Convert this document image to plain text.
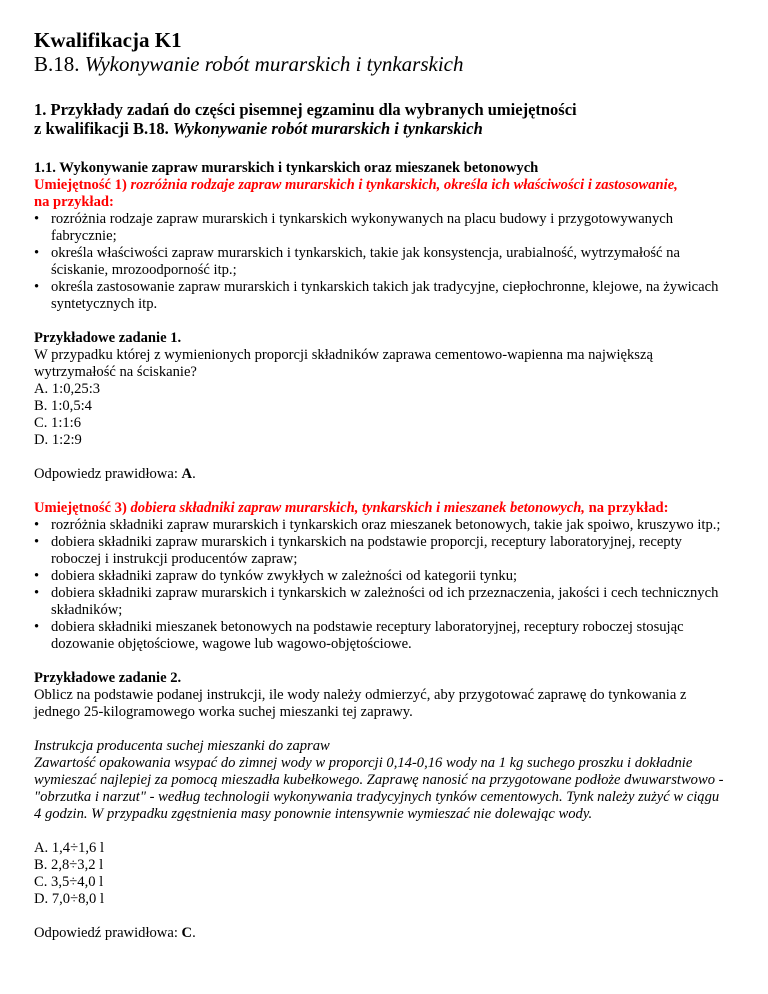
Kwalifikacja K1

B.18. Wykonywanie robót murarskich i tynkarskich

1. Przykłady zadań do części pisemnej egzaminu dla wybranych umiejętności
z kwalifikacji B.18. Wykonywanie robót murarskich i tynkarskich

1.1. Wykonywanie zapraw murarskich i tynkarskich oraz mieszanek betonowych

Umiejętność 1) rozróżnia rodzaje zapraw murarskich i tynkarskich, określa ich właściwości i zastosowanie,
na przykład:

• rozróżnia rodzaje zapraw murarskich i tynkarskich wykonywanych na placu budowy i przygotowywanych fabrycznie;
• określa właściwości zapraw murarskich i tynkarskich, takie jak konsystencja, urabialność, wytrzymałość na ściskanie, mrozoodporność itp.;
• określa zastosowanie zapraw murarskich i tynkarskich takich jak tradycyjne, ciepłochronne, klejowe, na żywicach syntetycznych itp.

Przykładowe zadanie 1.

W przypadku której z wymienionych proporcji składników zaprawa cementowo-wapienna ma największą wytrzymałość na ściskanie?

A. 1:0,25:3

B. 1:0,5:4

C. 1:1:6

D. 1:2:9

Odpowiedz prawidłowa: A.

Umiejętność 3) dobiera składniki zapraw murarskich, tynkarskich i mieszanek betonowych, na przykład:

• rozróżnia składniki zapraw murarskich i tynkarskich oraz mieszanek betonowych, takie jak spoiwo, kruszywo itp.;
• dobiera składniki zapraw murarskich i tynkarskich na podstawie proporcji, receptury laboratoryjnej, recepty roboczej i instrukcji producentów zapraw;
• dobiera składniki zapraw do tynków zwykłych w zależności od kategorii tynku;
• dobiera składniki zapraw murarskich i tynkarskich w zależności od ich przeznaczenia, jakości i cech technicznych składników;
• dobiera składniki mieszanek betonowych na podstawie receptury laboratoryjnej, receptury roboczej stosując dozowanie objętościowe, wagowe lub wagowo-objętościowe.

Przykładowe zadanie 2.

Oblicz na podstawie podanej instrukcji, ile wody należy odmierzyć, aby przygotować zaprawę do tynkowania z jednego 25-kilogramowego worka suchej mieszanki tej zaprawy.

Instrukcja producenta suchej mieszanki do zapraw

Zawartość opakowania wsypać do zimnej wody w proporcji 0,14-0,16 wody na 1 kg suchego proszku i dokładnie wymieszać najlepiej za pomocą mieszadła kubełkowego. Zaprawę nanosić na przygotowane podłoże dwuwarstwowo - "obrzutka i narzut" - według technologii wykonywania tradycyjnych tynków cementowych. Tynk należy zużyć w ciągu 4 godzin. W przypadku zgęstnienia masy ponownie intensywnie wymieszać nie dolewając wody.

A. 1,4÷1,6 l

B. 2,8÷3,2 l

C. 3,5÷4,0 l

D. 7,0÷8,0 l

Odpowiedź prawidłowa: C.
